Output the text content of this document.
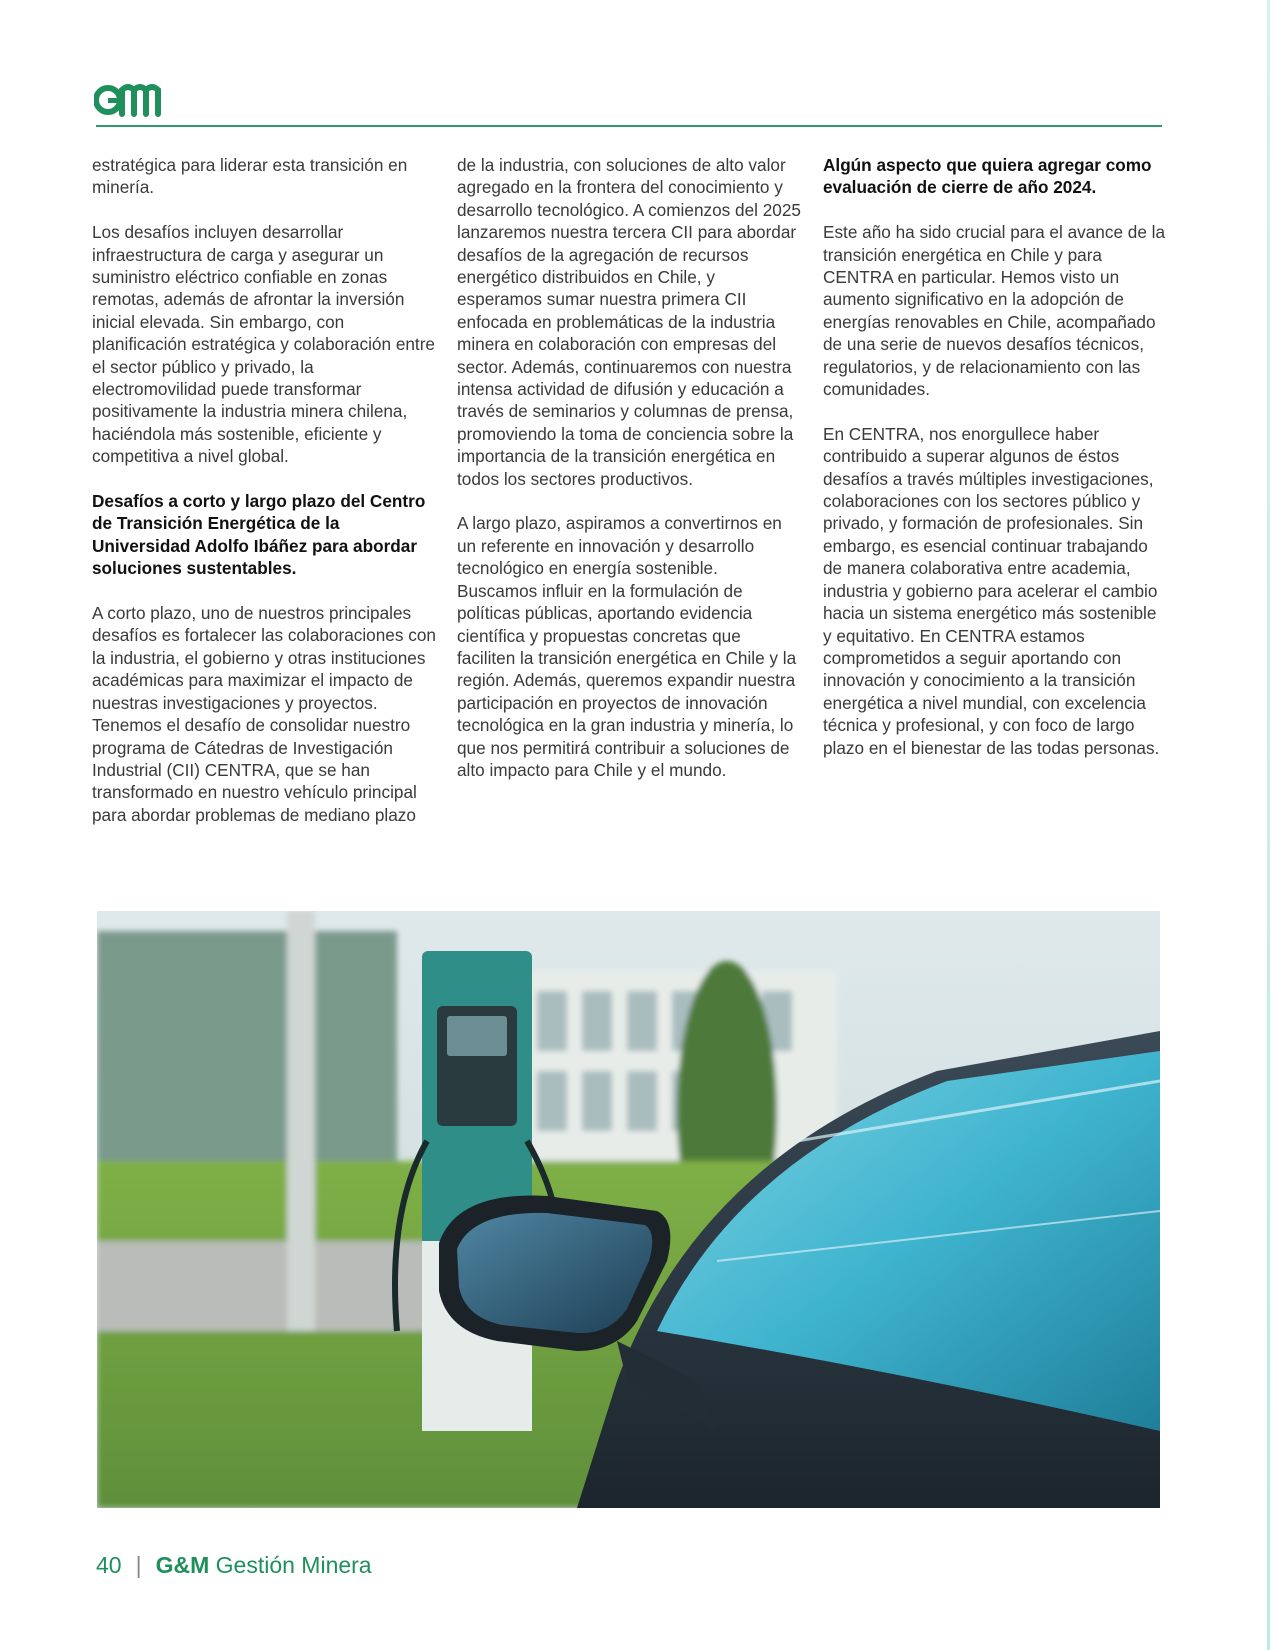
estratégica para liderar esta transición en minería.

Los desafíos incluyen desarrollar infraestructura de carga y asegurar un suministro eléctrico confiable en zonas remotas, además de afrontar la inversión inicial elevada. Sin embargo, con planificación estratégica y colaboración entre el sector público y privado, la electromovilidad puede transformar positivamente la industria minera chilena, haciéndola más sostenible, eficiente y competitiva a nivel global.

Desafíos a corto y largo plazo del Centro de Transición Energética de la Universidad Adolfo Ibáñez para abordar soluciones sustentables.

A corto plazo, uno de nuestros principales desafíos es fortalecer las colaboraciones con la industria, el gobierno y otras instituciones académicas para maximizar el impacto de nuestras investigaciones y proyectos. Tenemos el desafío de consolidar nuestro programa de Cátedras de Investigación Industrial (CII) CENTRA, que se han transformado en nuestro vehículo principal para abordar problemas de mediano plazo

de la industria, con soluciones de alto valor agregado en la frontera del conocimiento y desarrollo tecnológico. A comienzos del 2025 lanzaremos nuestra tercera CII para abordar desafíos de la agregación de recursos energético distribuidos en Chile, y esperamos sumar nuestra primera CII enfocada en problemáticas de la industria minera en colaboración con empresas del sector. Además, continuaremos con nuestra intensa actividad de difusión y educación a través de seminarios y columnas de prensa, promoviendo la toma de conciencia sobre la importancia de la transición energética en todos los sectores productivos.

A largo plazo, aspiramos a convertirnos en un referente en innovación y desarrollo tecnológico en energía sostenible. Buscamos influir en la formulación de políticas públicas, aportando evidencia científica y propuestas concretas que faciliten la transición energética en Chile y la región. Además, queremos expandir nuestra participación en proyectos de innovación tecnológica en la gran industria y minería, lo que nos permitirá contribuir a soluciones de alto impacto para Chile y el mundo.

Algún aspecto que quiera agregar como evaluación de cierre de año 2024.

Este año ha sido crucial para el avance de la transición energética en Chile y para CENTRA en particular. Hemos visto un aumento significativo en la adopción de energías renovables en Chile, acompañado de una serie de nuevos desafíos técnicos, regulatorios, y de relacionamiento con las comunidades.

En CENTRA, nos enorgullece haber contribuido a superar algunos de éstos desafíos a través múltiples investigaciones, colaboraciones con los sectores público y privado, y formación de profesionales. Sin embargo, es esencial continuar trabajando de manera colaborativa entre academia, industria y gobierno para acelerar el cambio hacia un sistema energético más sostenible y equitativo. En CENTRA estamos comprometidos a seguir aportando con innovación y conocimiento a la transición energética a nivel mundial, con excelencia técnica y profesional, y con foco de largo plazo en el bienestar de las todas personas.

40 | G&M Gestión Minera
